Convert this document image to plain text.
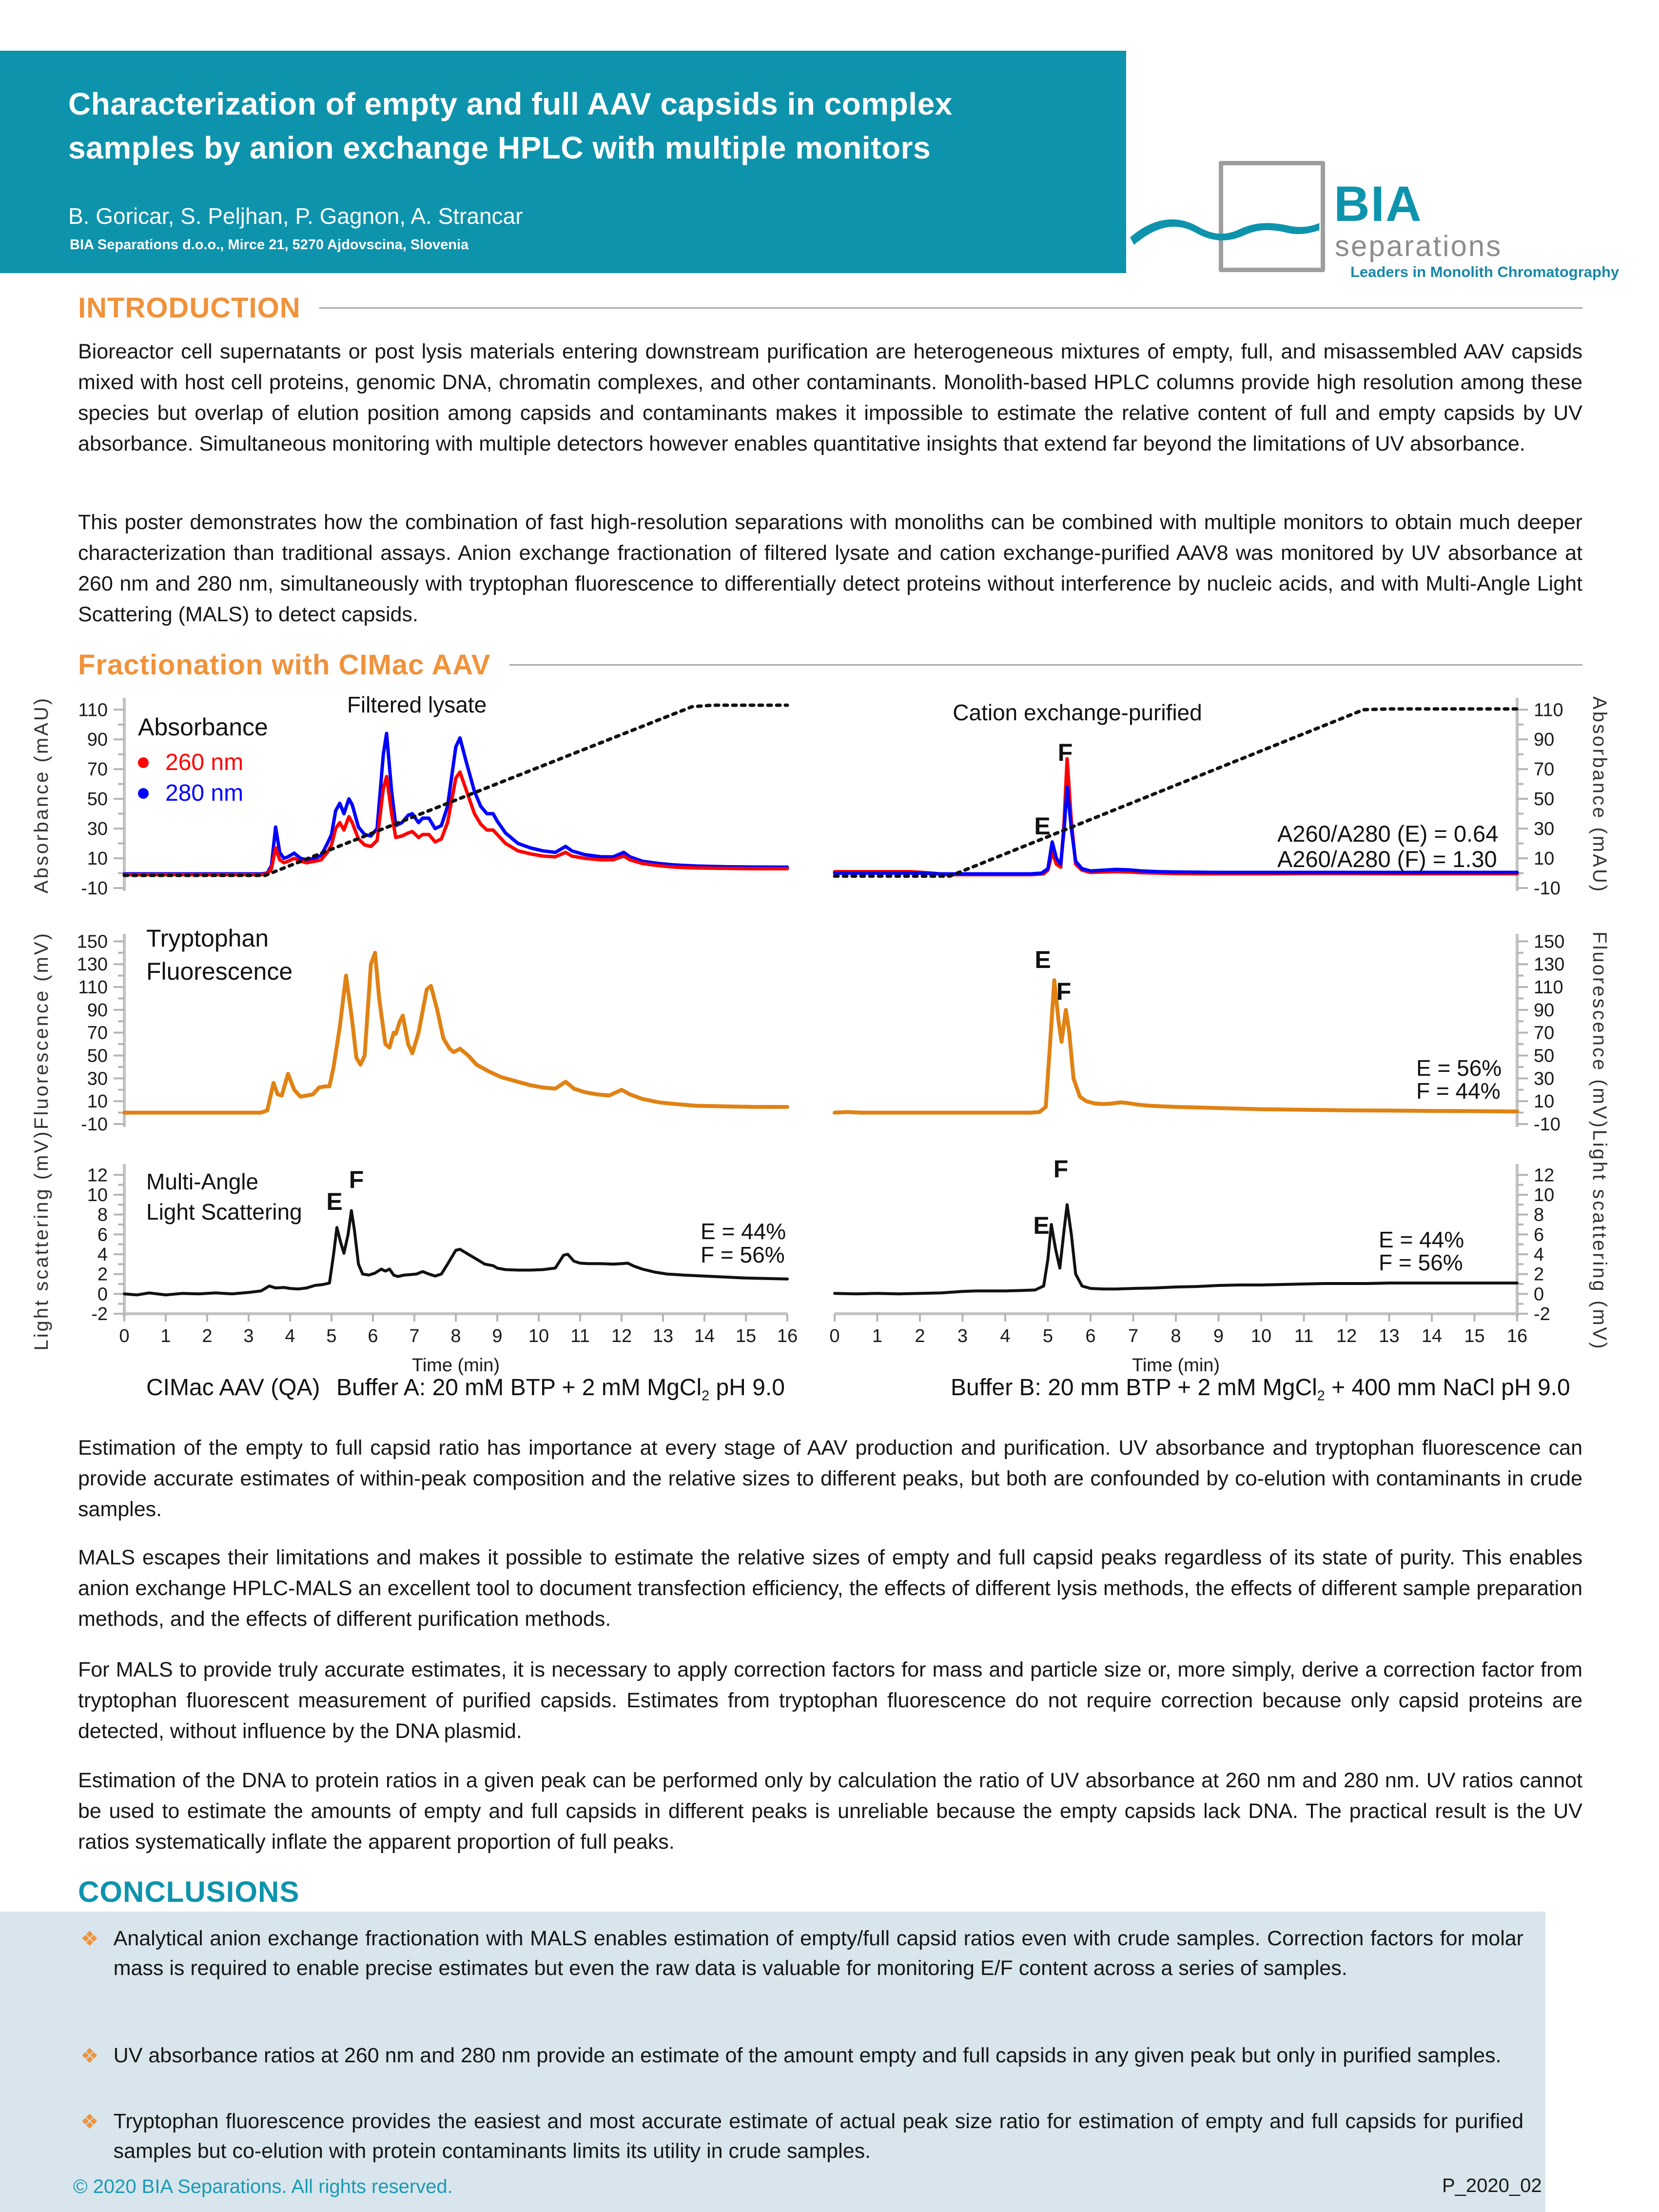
Characterization of empty and full AAV capsids in complex
samples by anion exchange HPLC with multiple monitors
B. Goricar, S. Peljhan, P. Gagnon, A. Strancar
BIA Separations d.o.o., Mirce 21, 5270 Ajdovscina, Slovenia
BIA
separations
Leaders in Monolith Chromatography
INTRODUCTION
Bioreactor cell supernatants or post lysis materials entering downstream purification are heterogeneous mixtures of empty, full, and misassembled AAV capsids mixed with host cell proteins, genomic DNA, chromatin complexes, and other contaminants. Monolith-based HPLC columns provide high resolution among these species but overlap of elution position among capsids and contaminants makes it impossible to estimate the relative content of full and empty capsids by UV absorbance. Simultaneous monitoring with multiple detectors however enables quantitative insights that extend far beyond the limitations of UV absorbance.
This poster demonstrates how the combination of fast high-resolution separations with monoliths can be combined with multiple monitors to obtain much deeper characterization than traditional assays. Anion exchange fractionation of filtered lysate and cation exchange-purified AAV8 was monitored by UV absorbance at 260 nm and 280 nm, simultaneously with tryptophan fluorescence to differentially detect proteins without interference by nucleic acids, and with Multi-Angle Light Scattering (MALS) to detect capsids.
Fractionation with CIMac AAV
110
90
70
50
30
10
-10
Absorbance (mAU)	110
90
70
50
30
10
-10 Absorbance (mAU)
E
F
150
130
110
90
70
50
30
10
-10
Fluorescence (mV)	150
130
110
90
70
50
30
10
-10 Fluorescence (mV)
E
F
12
10
8
6
4
2
0
-2
Light scattering (mV)	0 1 2 3 4 5 6 7 8 9 10 11 12 13 14 15 16
Time (min)
E
F	12
10
8
6
4
2
0
-2 Light scattering (mV)
0 1 2 3 4 5 6 7 8 9 10 11 12 13 14 15 16
Time (min)
E
F
Filtered lysate	Cation exchange-purified
Absorbance
260 nm
280 nm
Tryptophan
Fluorescence
Multi-Angle
Light Scattering
A260/A280 (E) = 0.64
A260/A280 (F) = 1.30
E = 56%
F = 44%
E = 44%
F = 56%
E = 44%
F = 56%
CIMac AAV (QA) Buffer A: 20 mM BTP + 2 mM MgCl$_2$ pH 9.0	Buffer B: 20 mm BTP + 2 mM MgCl$_2$ + 400 mm NaCl pH 9.0
Estimation of the empty to full capsid ratio has importance at every stage of AAV production and purification. UV absorbance and tryptophan fluorescence can provide accurate estimates of within-peak composition and the relative sizes to different peaks, but both are confounded by co-elution with contaminants in crude samples.
MALS escapes their limitations and makes it possible to estimate the relative sizes of empty and full capsid peaks regardless of its state of purity. This enables anion exchange HPLC-MALS an excellent tool to document transfection efficiency, the effects of different lysis methods, the effects of different sample preparation methods, and the effects of different purification methods.
For MALS to provide truly accurate estimates, it is necessary to apply correction factors for mass and particle size or, more simply, derive a correction factor from tryptophan fluorescent measurement of purified capsids. Estimates from tryptophan fluorescence do not require correction because only capsid proteins are detected, without influence by the DNA plasmid.
Estimation of the DNA to protein ratios in a given peak can be performed only by calculation the ratio of UV absorbance at 260 nm and 280 nm. UV ratios cannot be used to estimate the amounts of empty and full capsids in different peaks is unreliable because the empty capsids lack DNA. The practical result is the UV ratios systematically inflate the apparent proportion of full peaks.
CONCLUSIONS
❖ Analytical anion exchange fractionation with MALS enables estimation of empty/full capsid ratios even with crude samples. Correction factors for molar mass is required to enable precise estimates but even the raw data is valuable for monitoring E/F content across a series of samples.
❖ UV absorbance ratios at 260 nm and 280 nm provide an estimate of the amount empty and full capsids in any given peak but only in purified samples.
❖ Tryptophan fluorescence provides the easiest and most accurate estimate of actual peak size ratio for estimation of empty and full capsids for purified samples but co-elution with protein contaminants limits its utility in crude samples.
© 2020 BIA Separations. All rights reserved.	P_2020_02
